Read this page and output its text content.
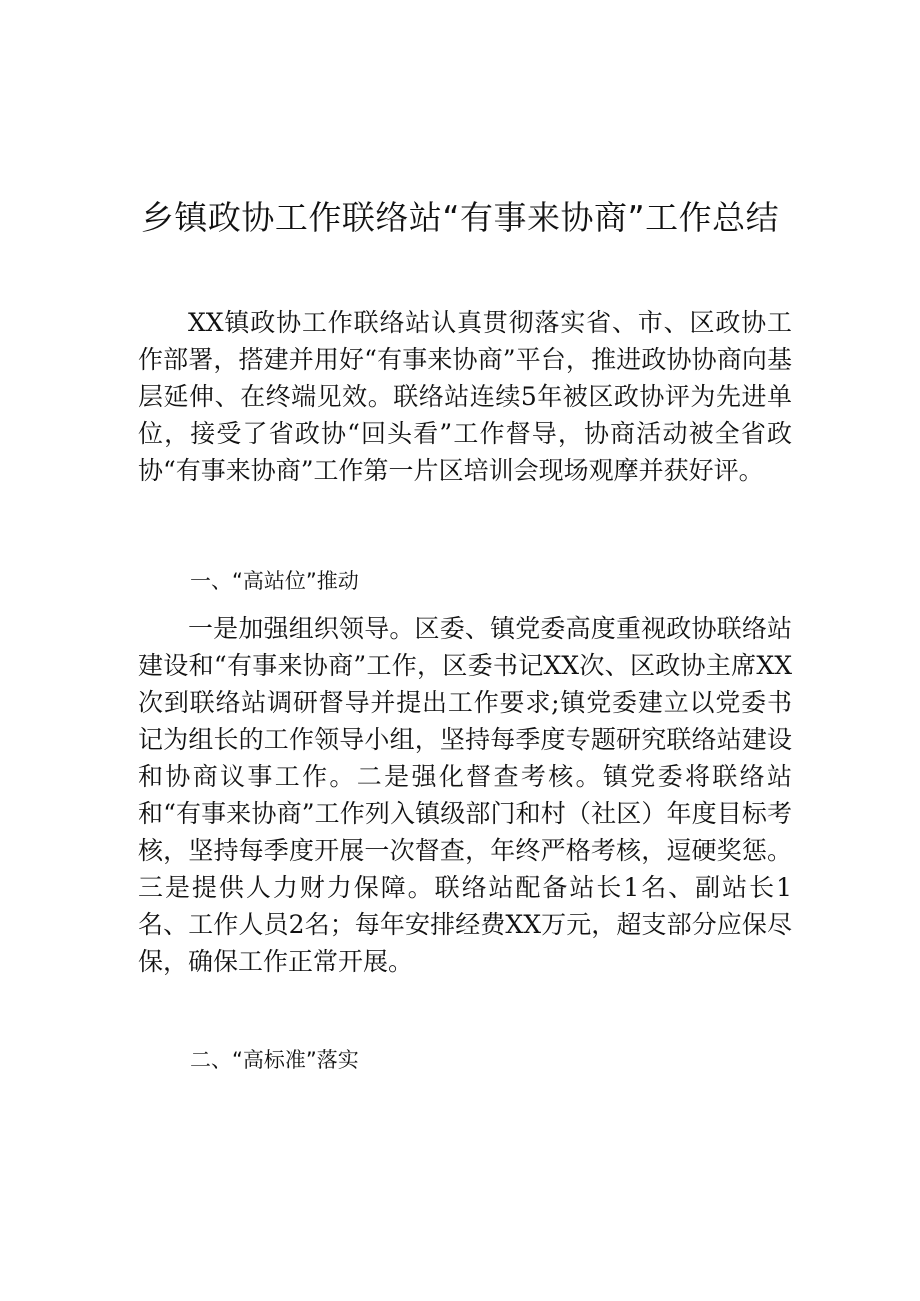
乡镇政协工作联络站“有事来协商”工作总结

XX镇政协工作联络站认真贯彻落实省、市、区政协工作部署，搭建并用好“有事来协商”平台，推进政协协商向基层延伸、在终端见效。联络站连续5年被区政协评为先进单位，接受了省政协“回头看”工作督导，协商活动被全省政协“有事来协商”工作第一片区培训会现场观摩并获好评。

一、“高站位”推动

一是加强组织领导。区委、镇党委高度重视政协联络站建设和“有事来协商”工作，区委书记XX次、区政协主席XX次到联络站调研督导并提出工作要求;镇党委建立以党委书记为组长的工作领导小组，坚持每季度专题研究联络站建设和协商议事工作。二是强化督查考核。镇党委将联络站和“有事来协商”工作列入镇级部门和村（社区）年度目标考核，坚持每季度开展一次督查，年终严格考核，逗硬奖惩。三是提供人力财力保障。联络站配备站长1名、副站长1名、工作人员2名；每年安排经费XX万元，超支部分应保尽保，确保工作正常开展。

二、“高标准”落实
